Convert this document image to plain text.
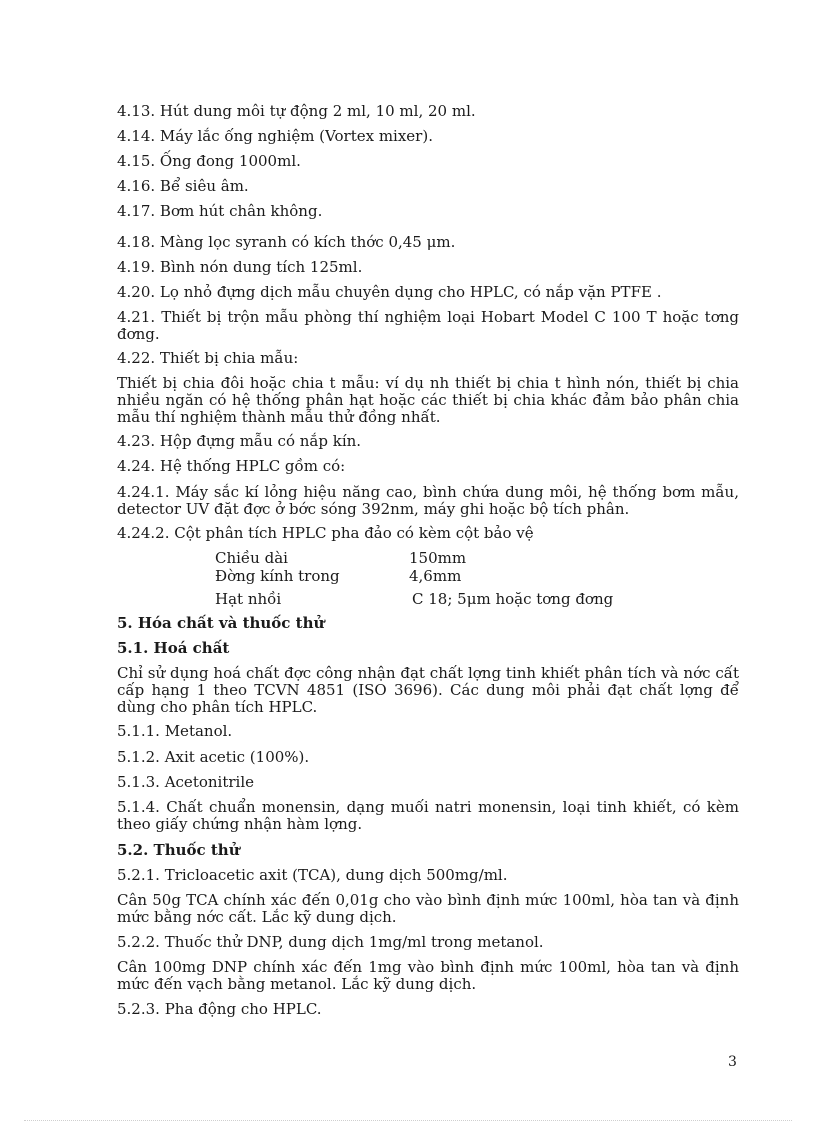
4.13. Hút dung môi tự động 2 ml, 10 ml, 20 ml.
4.14. Máy lắc ống nghiệm (Vortex mixer).
4.15. Ống đong 1000ml.
4.16. Bể siêu âm.
4.17. Bơm hút chân không.
4.18. Màng lọc syranh có kích thớc 0,45 μm.
4.19. Bình nón dung tích 125ml.
4.20. Lọ nhỏ đựng dịch mẫu chuyên dụng cho HPLC, có nắp vặn PTFE .
4.21. Thiết bị trộn mẫu phòng thí nghiệm loại Hobart Model C 100 T hoặc tơng đơng.
4.22. Thiết bị chia mẫu:
Thiết bị chia đôi hoặc chia t mẫu: ví dụ nh thiết bị chia t hình nón, thiết bị chia nhiều ngăn có hệ thống phân hạt hoặc các thiết bị chia khác đảm bảo phân chia mẫu thí nghiệm thành mẫu thử đồng nhất.
4.23. Hộp đựng mẫu có nắp kín.
4.24. Hệ thống HPLC gồm có:
4.24.1. Máy sắc kí lỏng hiệu năng cao, bình chứa dung môi, hệ thống bơm mẫu, detector UV đặt đợc ở bớc sóng 392nm, máy ghi hoặc bộ tích phân.
4.24.2. Cột phân tích HPLC pha đảo có kèm cột bảo vệ
Chiều dài	150mm
Đờng kính trong	4,6mm
Hạt nhồi	C 18; 5μm hoặc tơng đơng
5. Hóa chất và thuốc thử
5.1. Hoá chất
Chỉ sử dụng hoá chất đợc công nhận đạt chất lợng tinh khiết phân tích và nớc cất cấp hạng 1 theo TCVN 4851 (ISO 3696). Các dung môi phải đạt chất lợng để dùng cho phân tích HPLC.
5.1.1. Metanol.
5.1.2. Axit acetic (100%).
5.1.3. Acetonitrile
5.1.4. Chất chuẩn monensin, dạng muối natri monensin, loại tinh khiết, có kèm theo giấy chứng nhận hàm lợng.
5.2. Thuốc thử
5.2.1. Tricloacetic axit (TCA), dung dịch 500mg/ml.
Cân 50g TCA chính xác đến 0,01g cho vào bình định mức 100ml, hòa tan và định mức bằng nớc cất. Lắc kỹ dung dịch.
5.2.2. Thuốc thử DNP, dung dịch 1mg/ml trong metanol.
Cân 100mg DNP chính xác đến 1mg vào bình định mức 100ml, hòa tan và định mức đến vạch bằng metanol. Lắc kỹ dung dịch.
5.2.3. Pha động cho HPLC.
3
